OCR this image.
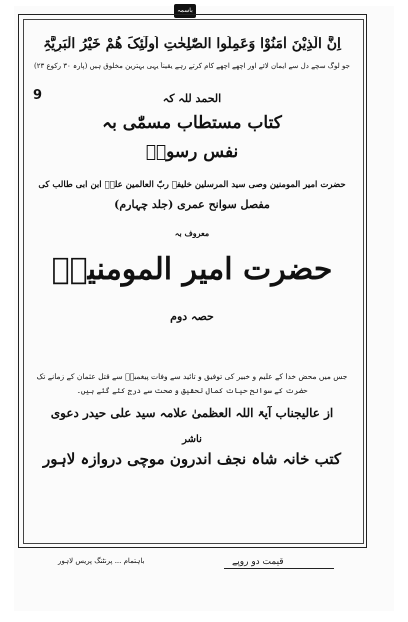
باسمہ
اِنَّ الَّذِیْنَ اٰمَنُوْا وَعَمِلُوا الصّٰلِحٰتِ اُولٰٓئِکَ ھُمْ خَیْرُ الْبَرِیَّۃِ
جو لوگ سچے دل سے ایمان لائے اور اچھے اچھے کام کرتے رہے یقیناً یہی بہترین مخلوق ہیں (پارہ ۳۰ رکوع ۲۳)
9	الحمد للہ کہ
کتاب مستطاب مسمّٰی بہ
نفس رسولؐ
حضرت امیر المومنین وصی سید المرسلین خلیفہ ربّ العالمین علیؑ ابن ابی طالب کی
مفصل سوانح عمری (جلد چہارم)
معروف بہ
حضرت امیر المومنینؑ
حصہ دوم
جس میں محض خدا کے علیم و خبیر کی توفیق و تائید سے وفات پیغمبرؐ سے قتل عثمان کے زمانے تک
حضرت کے سوانح حیات کمال تحقیق و صحت سے درج کئے گئے ہیں۔
از عالیجناب آیۃ اللہ العظمیٰ علامہ سید علی حیدر دعوی
ناشر
کتب خانہ شاہ نجف اندرون موچی دروازہ لاہور
قیمت دو روپے
باہتمام ... پرنٹنگ پریس لاہور
